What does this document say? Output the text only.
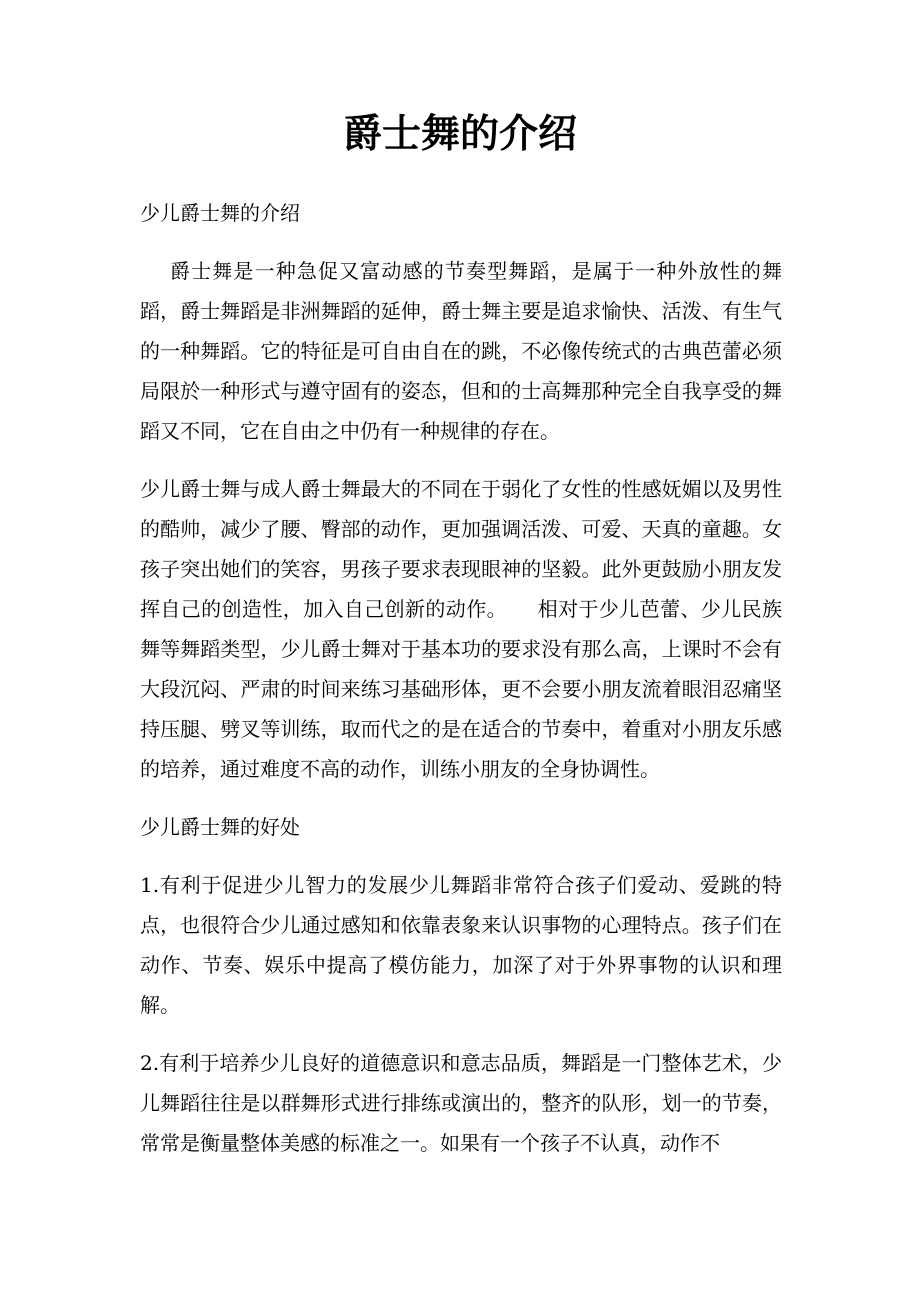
爵士舞的介绍

少儿爵士舞的介绍

爵士舞是一种急促又富动感的节奏型舞蹈，是属于一种外放性的舞蹈，爵士舞蹈是非洲舞蹈的延伸，爵士舞主要是追求愉快、活泼、有生气的一种舞蹈。它的特征是可自由自在的跳，不必像传统式的古典芭蕾必须局限於一种形式与遵守固有的姿态，但和的士高舞那种完全自我享受的舞蹈又不同，它在自由之中仍有一种规律的存在。

少儿爵士舞与成人爵士舞最大的不同在于弱化了女性的性感妩媚以及男性的酷帅，减少了腰、臀部的动作，更加强调活泼、可爱、天真的童趣。女孩子突出她们的笑容，男孩子要求表现眼神的坚毅。此外更鼓励小朋友发挥自己的创造性，加入自己创新的动作。　　相对于少儿芭蕾、少儿民族舞等舞蹈类型，少儿爵士舞对于基本功的要求没有那么高，上课时不会有大段沉闷、严肃的时间来练习基础形体，更不会要小朋友流着眼泪忍痛坚持压腿、劈叉等训练，取而代之的是在适合的节奏中，着重对小朋友乐感的培养，通过难度不高的动作，训练小朋友的全身协调性。

少儿爵士舞的好处

1.有利于促进少儿智力的发展少儿舞蹈非常符合孩子们爱动、爱跳的特点，也很符合少儿通过感知和依靠表象来认识事物的心理特点。孩子们在动作、节奏、娱乐中提高了模仿能力，加深了对于外界事物的认识和理解。

2.有利于培养少儿良好的道德意识和意志品质，舞蹈是一门整体艺术，少儿舞蹈往往是以群舞形式进行排练或演出的，整齐的队形，划一的节奏，常常是衡量整体美感的标准之一。如果有一个孩子不认真，动作不
